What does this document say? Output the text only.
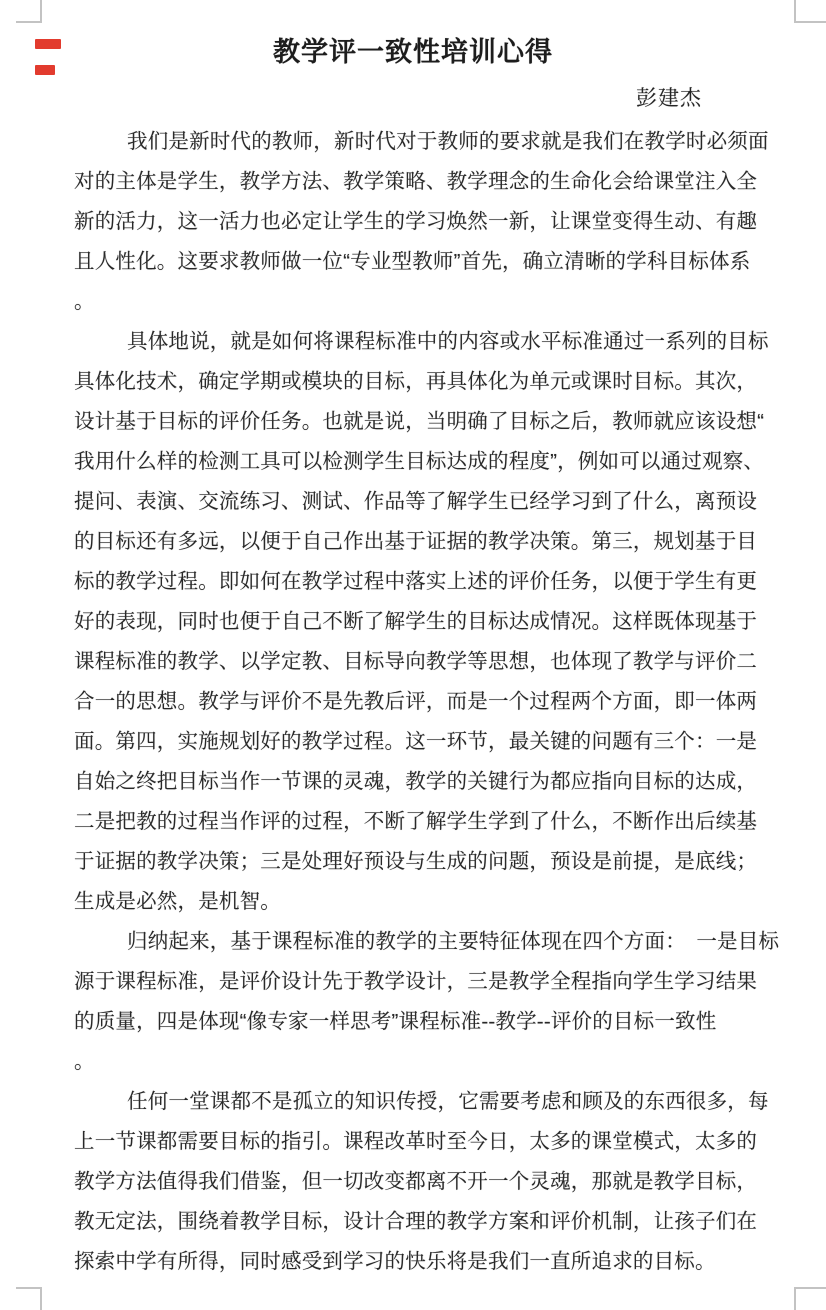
教学评一致性培训心得
彭建杰
我们是新时代的教师，新时代对于教师的要求就是我们在教学时必须面
对的主体是学生，教学方法、教学策略、教学理念的生命化会给课堂注入全
新的活力，这一活力也必定让学生的学习焕然一新，让课堂变得生动、有趣
且人性化。这要求教师做一位“专业型教师”首先，确立清晰的学科目标体系
。
具体地说，就是如何将课程标准中的内容或水平标准通过一系列的目标
具体化技术，确定学期或模块的目标，再具体化为单元或课时目标。其次，
设计基于目标的评价任务。也就是说，当明确了目标之后，教师就应该设想“
我用什么样的检测工具可以检测学生目标达成的程度”，例如可以通过观察、
提问、表演、交流练习、测试、作品等了解学生已经学习到了什么，离预设
的目标还有多远，以便于自己作出基于证据的教学决策。第三，规划基于目
标的教学过程。即如何在教学过程中落实上述的评价任务，以便于学生有更
好的表现，同时也便于自己不断了解学生的目标达成情况。这样既体现基于
课程标准的教学、以学定教、目标导向教学等思想，也体现了教学与评价二
合一的思想。教学与评价不是先教后评，而是一个过程两个方面，即一体两
面。第四，实施规划好的教学过程。这一环节，最关键的问题有三个：一是
自始之终把目标当作一节课的灵魂，教学的关键行为都应指向目标的达成，
二是把教的过程当作评的过程，不断了解学生学到了什么，不断作出后续基
于证据的教学决策；三是处理好预设与生成的问题，预设是前提，是底线；
生成是必然，是机智。
归纳起来，基于课程标准的教学的主要特征体现在四个方面：　一是目标
源于课程标准，是评价设计先于教学设计，三是教学全程指向学生学习结果
的质量，四是体现“像专家一样思考”课程标准--教学--评价的目标一致性
。
任何一堂课都不是孤立的知识传授，它需要考虑和顾及的东西很多，每
上一节课都需要目标的指引。课程改革时至今日，太多的课堂模式，太多的
教学方法值得我们借鉴，但一切改变都离不开一个灵魂，那就是教学目标，
教无定法，围绕着教学目标，设计合理的教学方案和评价机制，让孩子们在
探索中学有所得，同时感受到学习的快乐将是我们一直所追求的目标。
